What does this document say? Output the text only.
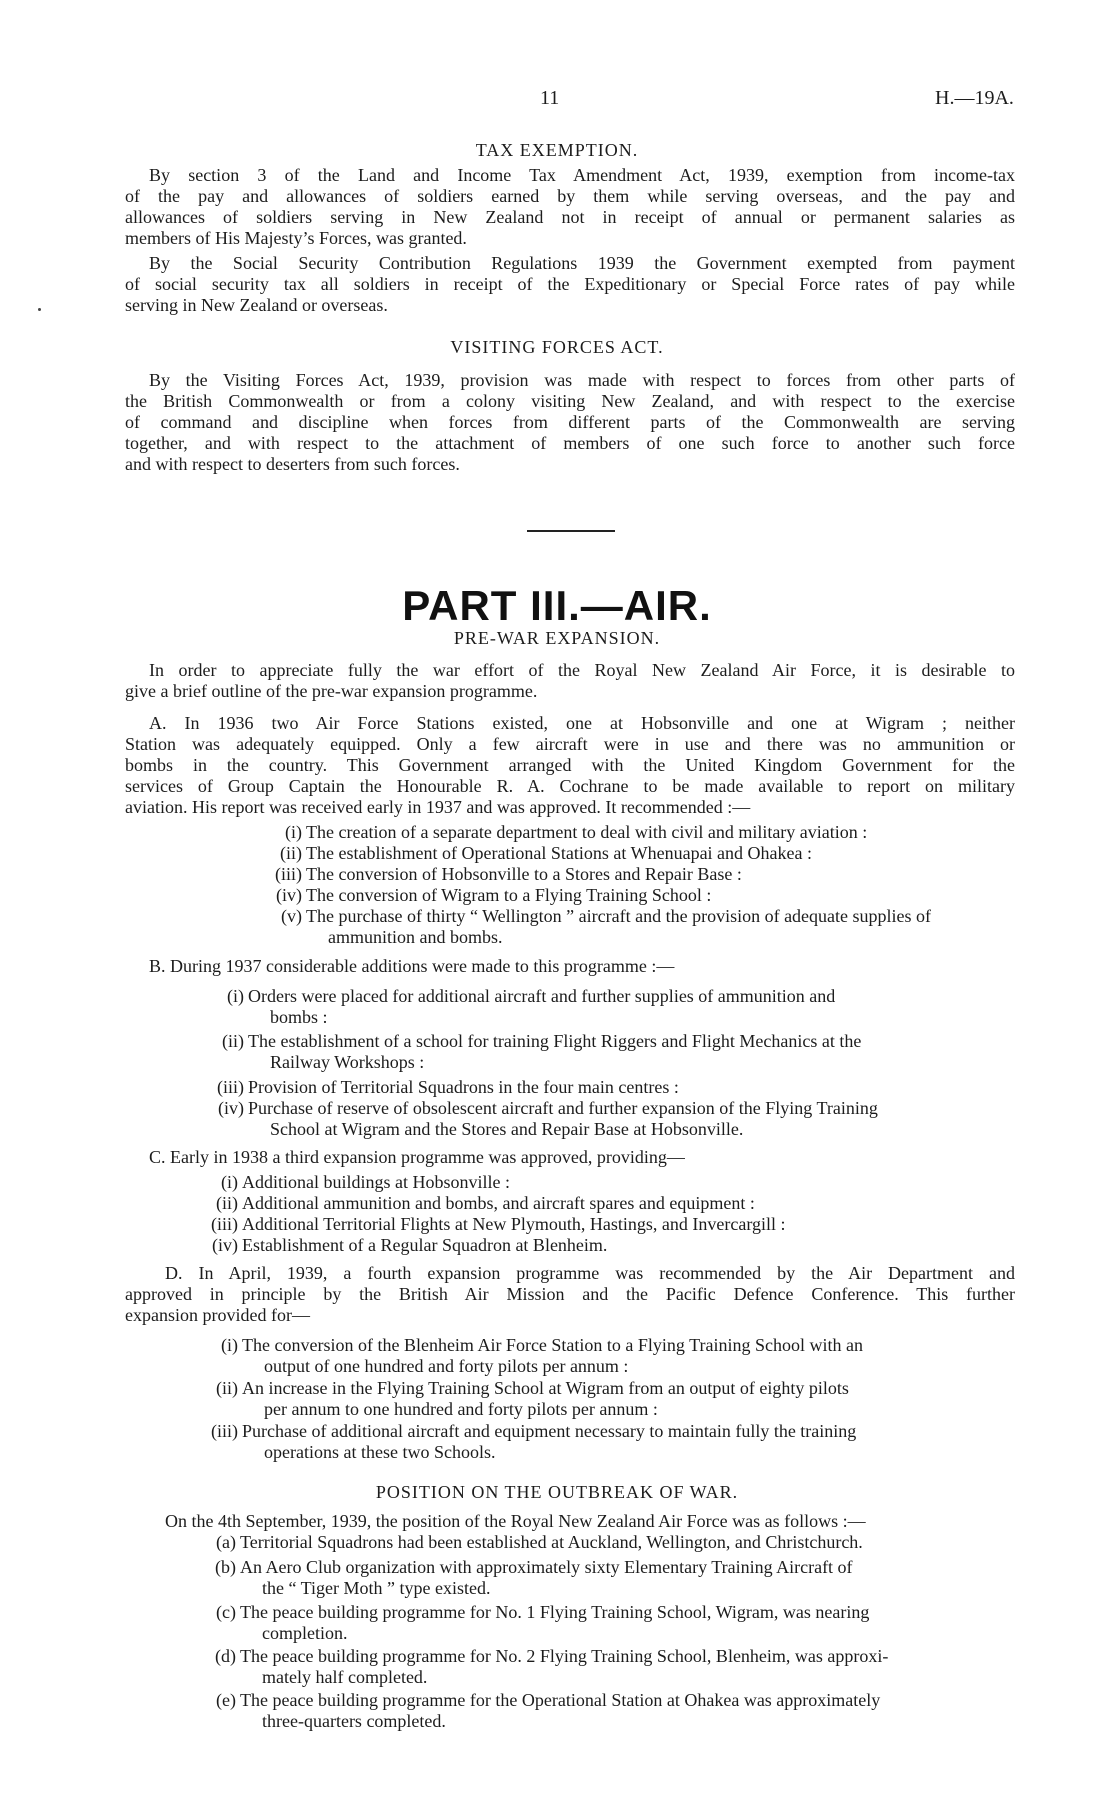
11	H.—19A.
TAX EXEMPTION.
By section 3 of the Land and Income Tax Amendment Act, 1939, exemption from income-tax
of the pay and allowances of soldiers earned by them while serving overseas, and the pay and
allowances of soldiers serving in New Zealand not in receipt of annual or permanent salaries as
members of His Majesty’s Forces, was granted.
By the Social Security Contribution Regulations 1939 the Government exempted from payment
of social security tax all soldiers in receipt of the Expeditionary or Special Force rates of pay while
serving in New Zealand or overseas.
VISITING FORCES ACT.
By the Visiting Forces Act, 1939, provision was made with respect to forces from other parts of
the British Commonwealth or from a colony visiting New Zealand, and with respect to the exercise
of command and discipline when forces from different parts of the Commonwealth are serving
together, and with respect to the attachment of members of one such force to another such force
and with respect to deserters from such forces.
PART III.—AIR.
PRE-WAR EXPANSION.
In order to appreciate fully the war effort of the Royal New Zealand Air Force, it is desirable to
give a brief outline of the pre-war expansion programme.
A. In 1936 two Air Force Stations existed, one at Hobsonville and one at Wigram ; neither
Station was adequately equipped. Only a few aircraft were in use and there was no ammunition or
bombs in the country. This Government arranged with the United Kingdom Government for the
services of Group Captain the Honourable R. A. Cochrane to be made available to report on military
aviation. His report was received early in 1937 and was approved. It recommended :—
(i) The creation of a separate department to deal with civil and military aviation :
(ii) The establishment of Operational Stations at Whenuapai and Ohakea :
(iii) The conversion of Hobsonville to a Stores and Repair Base :
(iv) The conversion of Wigram to a Flying Training School :
(v) The purchase of thirty “ Wellington ” aircraft and the provision of adequate supplies of
ammunition and bombs.
B. During 1937 considerable additions were made to this programme :—
(i) Orders were placed for additional aircraft and further supplies of ammunition and
bombs :
(ii) The establishment of a school for training Flight Riggers and Flight Mechanics at the
Railway Workshops :
(iii) Provision of Territorial Squadrons in the four main centres :
(iv) Purchase of reserve of obsolescent aircraft and further expansion of the Flying Training
School at Wigram and the Stores and Repair Base at Hobsonville.
C. Early in 1938 a third expansion programme was approved, providing—
(i) Additional buildings at Hobsonville :
(ii) Additional ammunition and bombs, and aircraft spares and equipment :
(iii) Additional Territorial Flights at New Plymouth, Hastings, and Invercargill :
(iv) Establishment of a Regular Squadron at Blenheim.
D. In April, 1939, a fourth expansion programme was recommended by the Air Department and
approved in principle by the British Air Mission and the Pacific Defence Conference. This further
expansion provided for—
(i) The conversion of the Blenheim Air Force Station to a Flying Training School with an
output of one hundred and forty pilots per annum :
(ii) An increase in the Flying Training School at Wigram from an output of eighty pilots
per annum to one hundred and forty pilots per annum :
(iii) Purchase of additional aircraft and equipment necessary to maintain fully the training
operations at these two Schools.
POSITION ON THE OUTBREAK OF WAR.
On the 4th September, 1939, the position of the Royal New Zealand Air Force was as follows :—
(a) Territorial Squadrons had been established at Auckland, Wellington, and Christchurch.
(b) An Aero Club organization with approximately sixty Elementary Training Aircraft of
the “ Tiger Moth ” type existed.
(c) The peace building programme for No. 1 Flying Training School, Wigram, was nearing
completion.
(d) The peace building programme for No. 2 Flying Training School, Blenheim, was approxi-
mately half completed.
(e) The peace building programme for the Operational Station at Ohakea was approximately
three-quarters completed.
